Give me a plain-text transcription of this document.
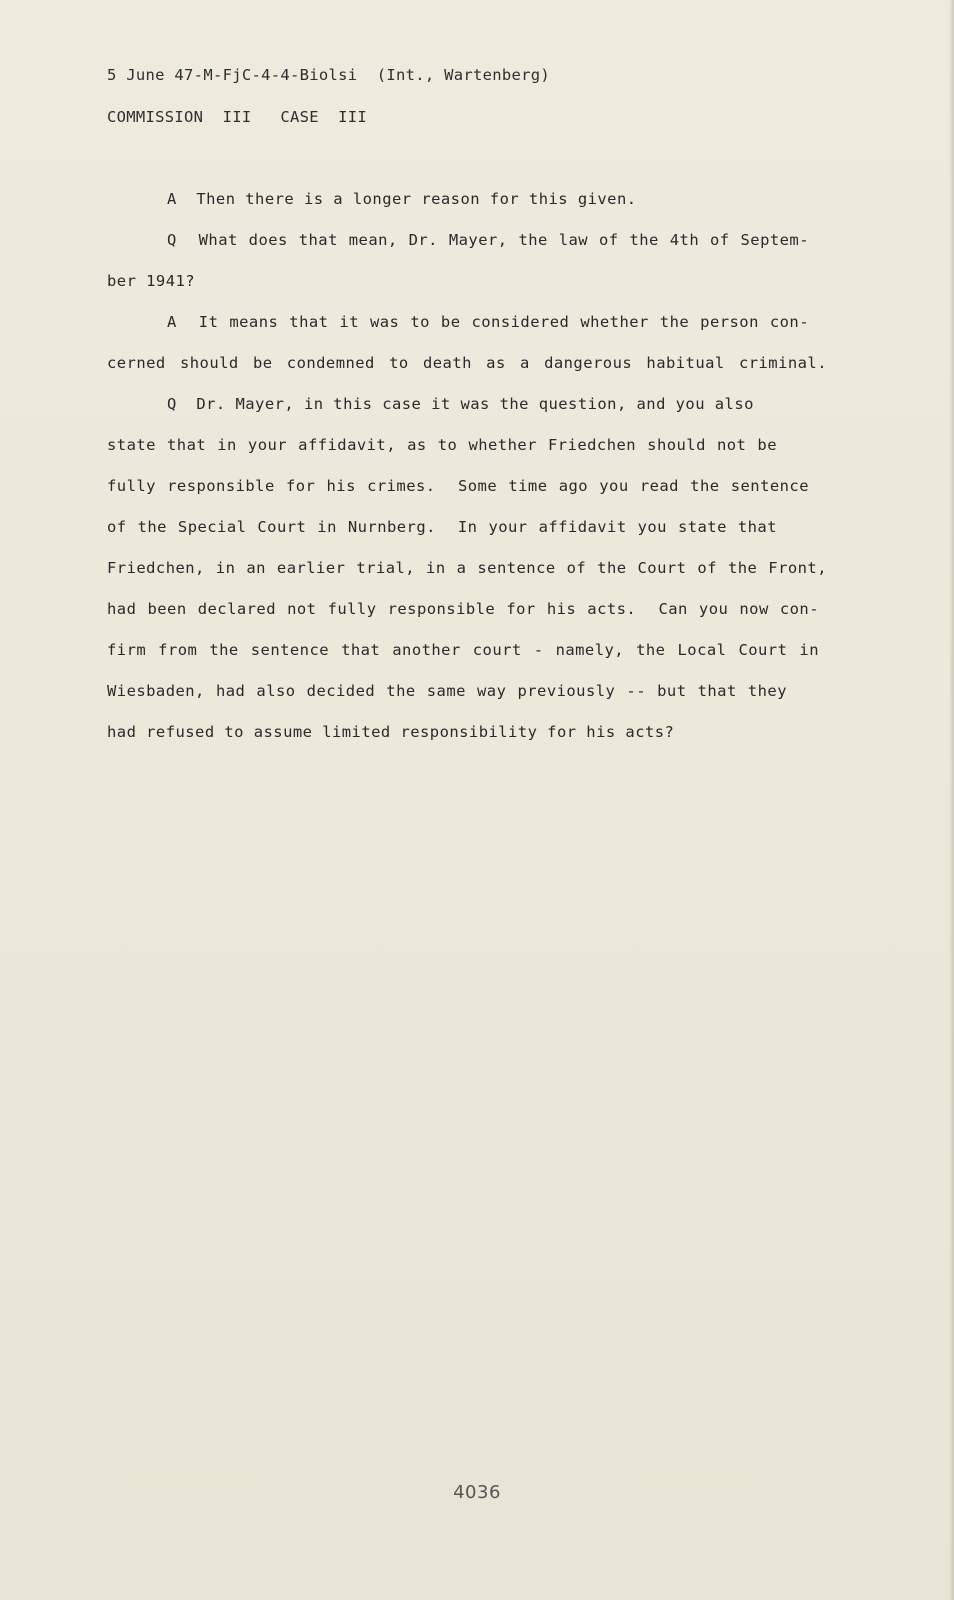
5 June 47-M-FjC-4-4-Biolsi  (Int., Wartenberg)
COMMISSION  III   CASE  III
A  Then there is a longer reason for this given.
Q  What does that mean, Dr. Mayer, the law of the 4th of Septem-
ber 1941?
A  It means that it was to be considered whether the person con-
cerned should be condemned to death as a dangerous habitual criminal.
Q  Dr. Mayer, in this case it was the question, and you also
state that in your affidavit, as to whether Friedchen should not be
fully responsible for his crimes.  Some time ago you read the sentence
of the Special Court in Nurnberg.  In your affidavit you state that
Friedchen, in an earlier trial, in a sentence of the Court of the Front,
had been declared not fully responsible for his acts.  Can you now con-
firm from the sentence that another court - namely, the Local Court in
Wiesbaden, had also decided the same way previously -- but that they
had refused to assume limited responsibility for his acts?
4036
